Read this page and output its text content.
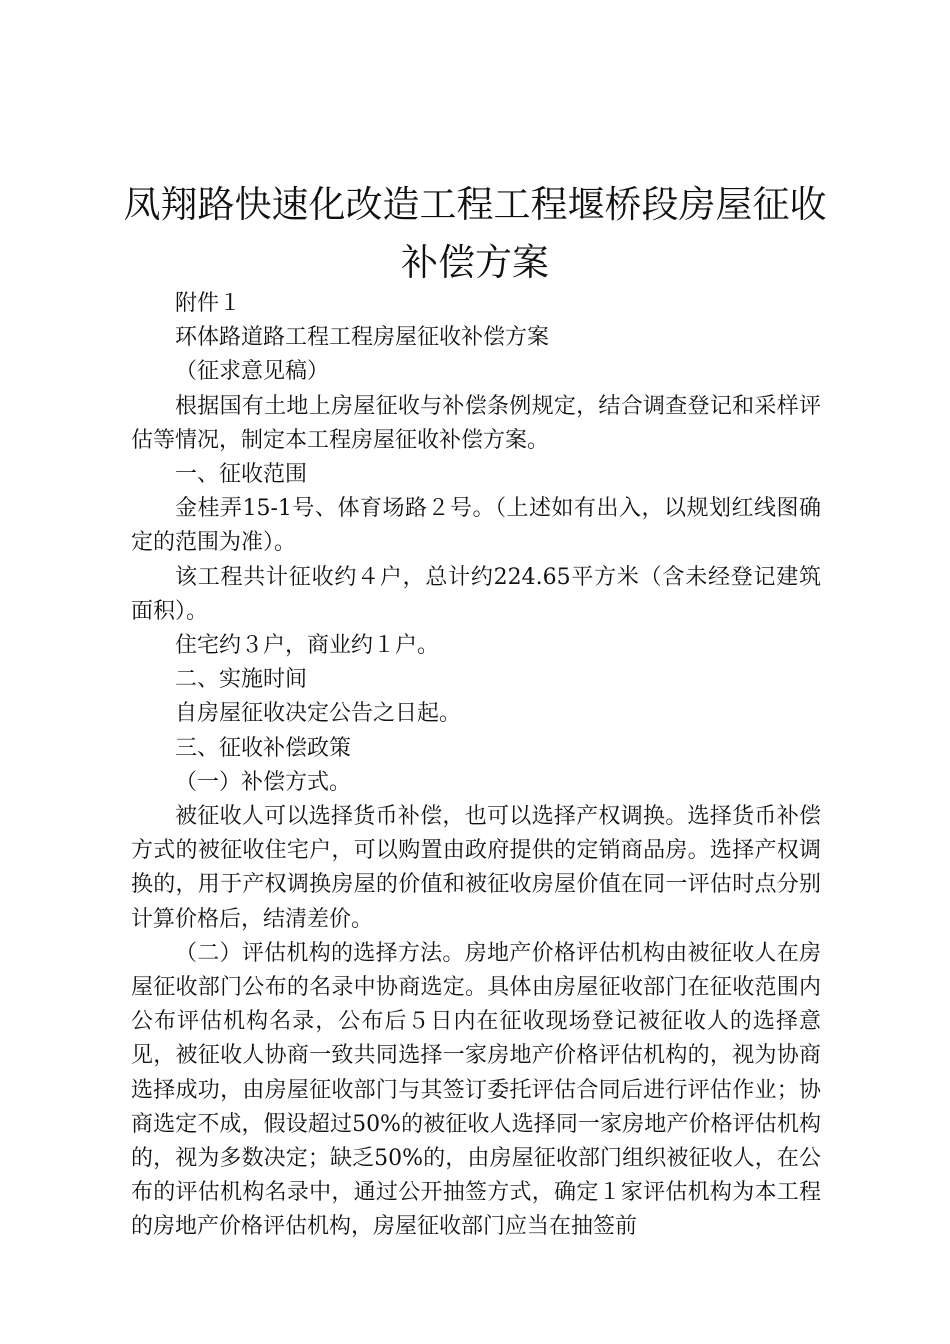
凤翔路快速化改造工程工程堰桥段房屋征收补偿方案

附件１

环体路道路工程工程房屋征收补偿方案

（征求意见稿）

根据国有土地上房屋征收与补偿条例规定，结合调查登记和采样评估等情况，制定本工程房屋征收补偿方案。

一、征收范围

金桂弄15-1号、体育场路２号。（上述如有出入，以规划红线图确定的范围为准）。

该工程共计征收约４户，总计约224.65平方米（含未经登记建筑面积）。

住宅约３户，商业约１户。

二、实施时间

自房屋征收决定公告之日起。

三、征收补偿政策

（一）补偿方式。

被征收人可以选择货币补偿，也可以选择产权调换。选择货币补偿方式的被征收住宅户，可以购置由政府提供的定销商品房。选择产权调换的，用于产权调换房屋的价值和被征收房屋价值在同一评估时点分别计算价格后，结清差价。

（二）评估机构的选择方法。房地产价格评估机构由被征收人在房屋征收部门公布的名录中协商选定。具体由房屋征收部门在征收范围内公布评估机构名录，公布后５日内在征收现场登记被征收人的选择意见，被征收人协商一致共同选择一家房地产价格评估机构的，视为协商选择成功，由房屋征收部门与其签订委托评估合同后进行评估作业；协商选定不成，假设超过50%的被征收人选择同一家房地产价格评估机构的，视为多数决定；缺乏50%的，由房屋征收部门组织被征收人，在公布的评估机构名录中，通过公开抽签方式，确定１家评估机构为本工程的房地产价格评估机构，房屋征收部门应当在抽签前
